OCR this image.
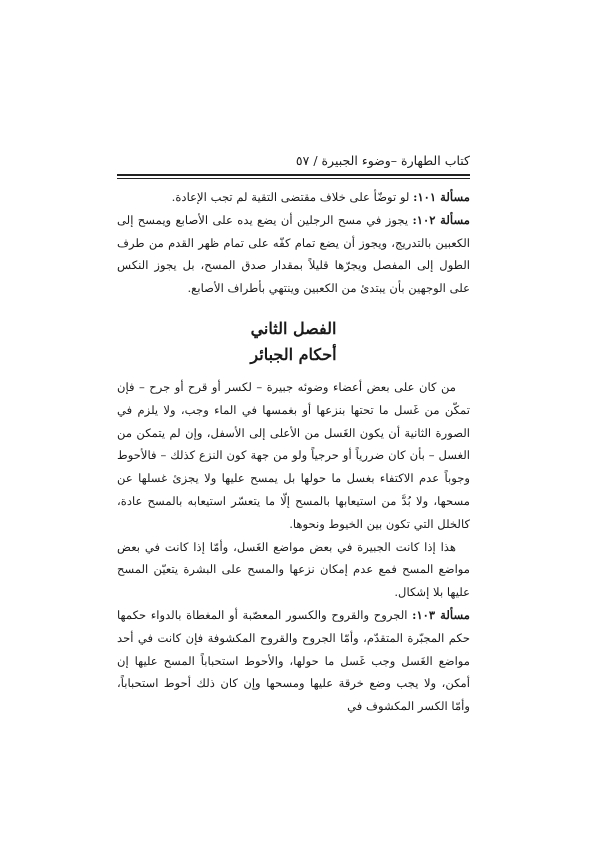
كتاب الطهارة –وضوء الجبيرة / ٥٧

مسألة ١٠١: لو توضّأ على خلاف مقتضى التقية لم تجب الإعادة.

مسألة ١٠٢: يجوز في مسح الرجلين أن يضع يده على الأصابع ويمسح إلى الكعبين بالتدريج، ويجوز أن يضع تمام كفّه على تمام ظهر القدم من طرف الطول إلى المفصل ويجرّها قليلاً بمقدار صدق المسح، بل يجوز النكس على الوجهين بأن يبتدئ من الكعبين وينتهي بأطراف الأصابع.

الفصل الثاني

أحكام الجبائر

من كان على بعض أعضاء وضوئه جبيرة – لكسر أو قرح أو جرح – فإن تمكّن من غَسل ما تحتها بنزعها أو بغمسها في الماء وجب، ولا يلزم في الصورة الثانية أن يكون الغَسل من الأعلى إلى الأسفل، وإن لم يتمكن من الغسل – بأن كان ضررياً أو حرجياً ولو من جهة كون النزع كذلك – فالأحوط وجوباً عدم الاكتفاء بغسل ما حولها بل يمسح عليها ولا يجزئ غسلها عن مسحها، ولا بُدَّ من استيعابها بالمسح إلّا ما يتعسّر استيعابه بالمسح عادة، كالخلل التي تكون بين الخيوط ونحوها.

هذا إذا كانت الجبيرة في بعض مواضع الغَسل، وأمّا إذا كانت في بعض مواضع المسح فمع عدم إمكان نزعها والمسح على البشرة يتعيّن المسح عليها بلا إشكال.

مسألة ١٠٣: الجروح والقروح والكسور المعصّبة أو المغطاة بالدواء حكمها حكم المجبّرة المتقدّم، وأمّا الجروح والقروح المكشوفة فإن كانت في أحد مواضع الغَسل وجب غَسل ما حولها، والأحوط استحباباً المسح عليها إن أمكن، ولا يجب وضع خرقة عليها ومسحها وإن كان ذلك أحوط استحباباً، وأمّا الكسر المكشوف في
